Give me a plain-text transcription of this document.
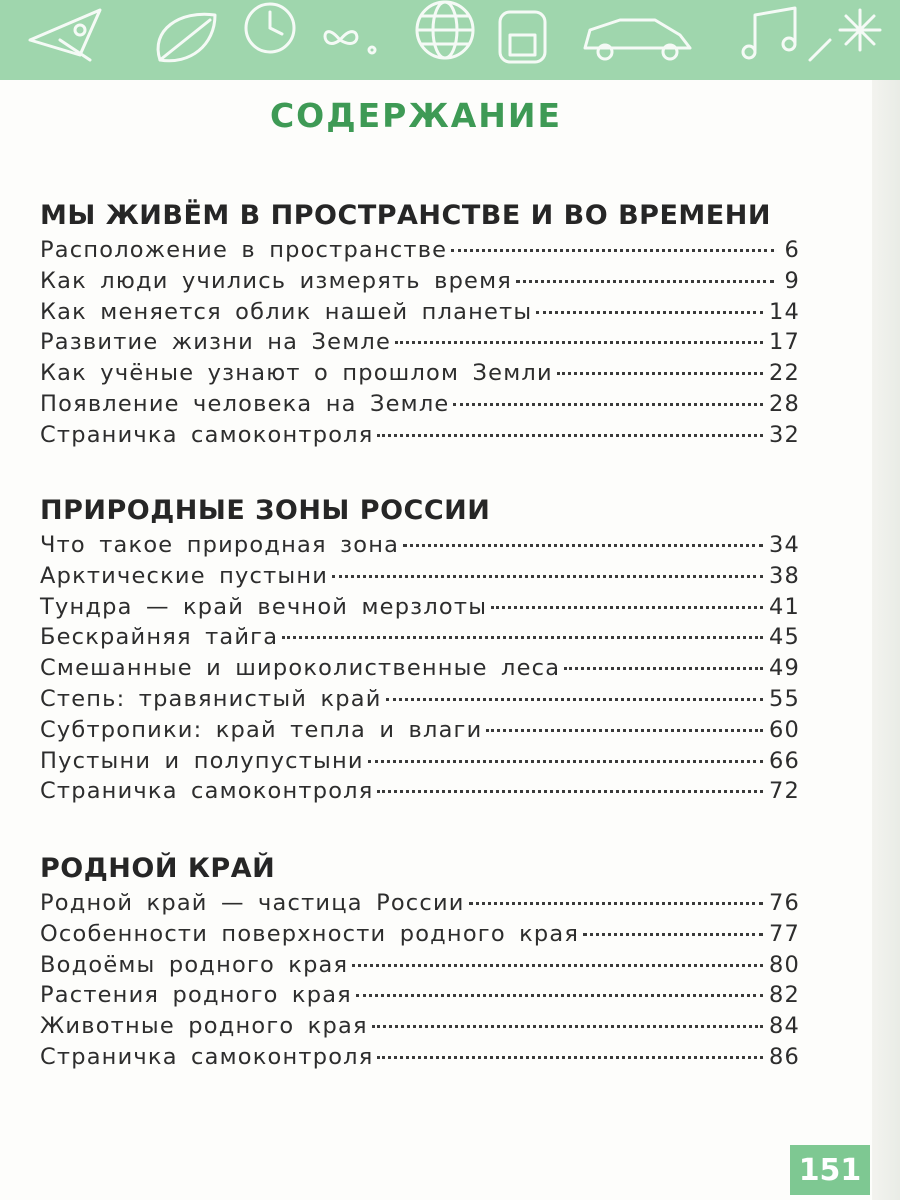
СОДЕРЖАНИЕ
МЫ ЖИВЁМ В ПРОСТРАНСТВЕ И ВО ВРЕМЕНИ
Расположение в пространстве	6
Как люди учились измерять время	9
Как меняется облик нашей планеты	14
Развитие жизни на Земле	17
Как учёные узнают о прошлом Земли	22
Появление человека на Земле	28
Страничка самоконтроля	32
ПРИРОДНЫЕ ЗОНЫ РОССИИ
Что такое природная зона	34
Арктические пустыни	38
Тундра — край вечной мерзлоты	41
Бескрайняя тайга	45
Смешанные и широколиственные леса	49
Степь: травянистый край	55
Субтропики: край тепла и влаги	60
Пустыни и полупустыни	66
Страничка самоконтроля	72
РОДНОЙ КРАЙ
Родной край — частица России	76
Особенности поверхности родного края	77
Водоёмы родного края	80
Растения родного края	82
Животные родного края	84
Страничка самоконтроля	86
151
